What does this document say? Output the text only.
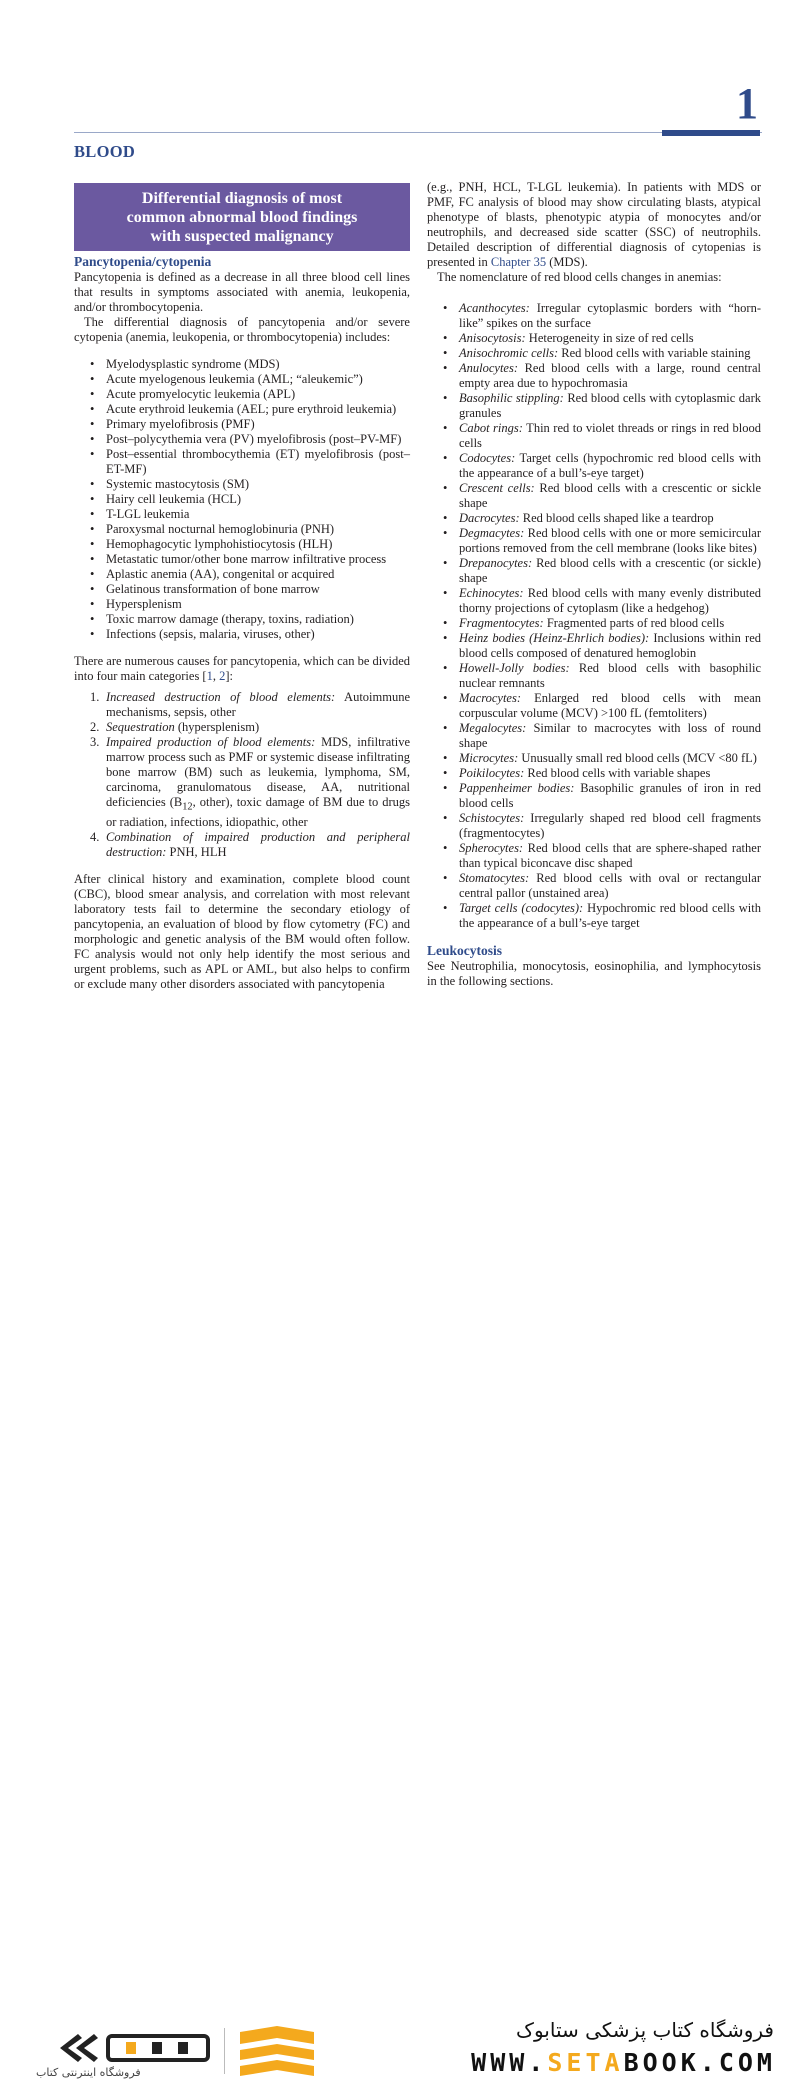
1
BLOOD
Differential diagnosis of most
common abnormal blood findings
with suspected malignancy
Pancytopenia/cytopenia

Pancytopenia is defined as a decrease in all three blood cell lines that results in symptoms associated with anemia, leukopenia, and/or thrombocytopenia.

The differential diagnosis of pancytopenia and/or severe cytopenia (anemia, leukopenia, or thrombocytopenia) includes:

• Myelodysplastic syndrome (MDS)
• Acute myelogenous leukemia (AML; “aleukemic”)
• Acute promyelocytic leukemia (APL)
• Acute erythroid leukemia (AEL; pure erythroid leukemia)
• Primary myelofibrosis (PMF)
• Post–polycythemia vera (PV) myelofibrosis (post–PV-MF)
• Post–essential thrombocythemia (ET) myelofibrosis (post–ET-MF)
• Systemic mastocytosis (SM)
• Hairy cell leukemia (HCL)
• T-LGL leukemia
• Paroxysmal nocturnal hemoglobinuria (PNH)
• Hemophagocytic lymphohistiocytosis (HLH)
• Metastatic tumor/other bone marrow infiltrative process
• Aplastic anemia (AA), congenital or acquired
• Gelatinous transformation of bone marrow
• Hypersplenism
• Toxic marrow damage (therapy, toxins, radiation)
• Infections (sepsis, malaria, viruses, other)

There are numerous causes for pancytopenia, which can be divided into four main categories [1, 2]:

1. Increased destruction of blood elements: Autoimmune mechanisms, sepsis, other
2. Sequestration (hypersplenism)
3. Impaired production of blood elements: MDS, infiltrative marrow process such as PMF or systemic disease infiltrating bone marrow (BM) such as leukemia, lymphoma, SM, carcinoma, granulomatous disease, AA, nutritional deficiencies ($B_{12}$, other), toxic damage of BM due to drugs or radiation, infections, idiopathic, other
4. Combination of impaired production and peripheral destruction: PNH, HLH

After clinical history and examination, complete blood count (CBC), blood smear analysis, and correlation with most relevant laboratory tests fail to determine the secondary etiology of pancytopenia, an evaluation of blood by flow cytometry (FC) and morphologic and genetic analysis of the BM would often follow. FC analysis would not only help identify the most serious and urgent problems, such as APL or AML, but also helps to confirm or exclude many other disorders associated with pancytopenia

(e.g., PNH, HCL, T-LGL leukemia). In patients with MDS or PMF, FC analysis of blood may show circulating blasts, atypical phenotype of blasts, phenotypic atypia of monocytes and/or neutrophils, and decreased side scatter (SSC) of neutrophils. Detailed description of differential diagnosis of cytopenias is presented in Chapter 35 (MDS).

The nomenclature of red blood cells changes in anemias:

• Acanthocytes: Irregular cytoplasmic borders with “horn-like” spikes on the surface
• Anisocytosis: Heterogeneity in size of red cells
• Anisochromic cells: Red blood cells with variable staining
• Anulocytes: Red blood cells with a large, round central empty area due to hypochromasia
• Basophilic stippling: Red blood cells with cytoplasmic dark granules
• Cabot rings: Thin red to violet threads or rings in red blood cells
• Codocytes: Target cells (hypochromic red blood cells with the appearance of a bull’s-eye target)
• Crescent cells: Red blood cells with a crescentic or sickle shape
• Dacrocytes: Red blood cells shaped like a teardrop
• Degmacytes: Red blood cells with one or more semicircular portions removed from the cell membrane (looks like bites)
• Drepanocytes: Red blood cells with a crescentic (or sickle) shape
• Echinocytes: Red blood cells with many evenly distributed thorny projections of cytoplasm (like a hedgehog)
• Fragmentocytes: Fragmented parts of red blood cells
• Heinz bodies (Heinz-Ehrlich bodies): Inclusions within red blood cells composed of denatured hemoglobin
• Howell-Jolly bodies: Red blood cells with basophilic nuclear remnants
• Macrocytes: Enlarged red blood cells with mean corpuscular volume (MCV) >100 fL (femtoliters)
• Megalocytes: Similar to macrocytes with loss of round shape
• Microcytes: Unusually small red blood cells (MCV <80 fL)
• Poikilocytes: Red blood cells with variable shapes
• Pappenheimer bodies: Basophilic granules of iron in red blood cells
• Schistocytes: Irregularly shaped red blood cell fragments (fragmentocytes)
• Spherocytes: Red blood cells that are sphere-shaped rather than typical biconcave disc shaped
• Stomatocytes: Red blood cells with oval or rectangular central pallor (unstained area)
• Target cells (codocytes): Hypochromic red blood cells with the appearance of a bull’s-eye target
Leukocytosis

See Neutrophilia, monocytosis, eosinophilia, and lymphocytosis in the following sections.

فروشگاه اینترنتی کتاب
فروشگاه کتاب پزشکی ستابوک
WWW.SETABOOK.COM
